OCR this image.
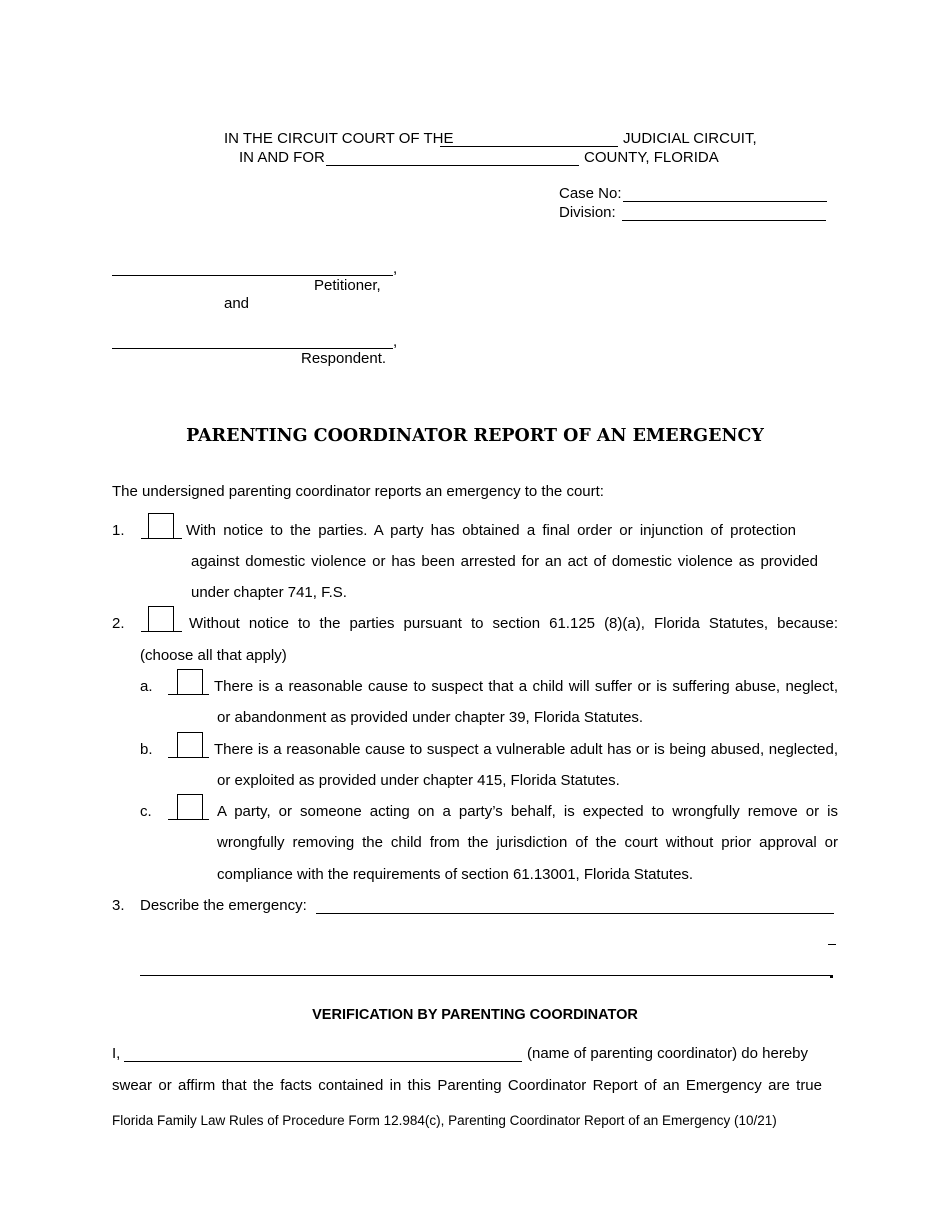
IN THE CIRCUIT COURT OF THE	JUDICIAL CIRCUIT,
IN AND FOR	COUNTY, FLORIDA
Case No:
Division:
,
Petitioner,
and
,
Respondent.
PARENTING COORDINATOR REPORT OF AN EMERGENCY
The undersigned parenting coordinator reports an emergency to the court:
1.	With notice to the parties. A party has obtained a final order or injunction of protection
against domestic violence or has been arrested for an act of domestic violence as provided
under chapter 741, F.S.
2.	Without notice to the parties pursuant to section 61.125 (8)(a), Florida Statutes, because:
(choose all that apply)
a.	There is a reasonable cause to suspect that a child will suffer or is suffering abuse, neglect,
or abandonment as provided under chapter 39, Florida Statutes.
b.	There is a reasonable cause to suspect a vulnerable adult has or is being abused, neglected,
or exploited as provided under chapter 415, Florida Statutes.
c.	A party, or someone acting on a party’s behalf, is expected to wrongfully remove or is
wrongfully removing the child from the jurisdiction of the court without prior approval or
compliance with the requirements of section 61.13001, Florida Statutes.
3. Describe the emergency:
VERIFICATION BY PARENTING COORDINATOR
I,	(name of parenting coordinator) do hereby
swear or affirm that the facts contained in this Parenting Coordinator Report of an Emergency are true
Florida Family Law Rules of Procedure Form 12.984(c), Parenting Coordinator Report of an Emergency (10/21)
